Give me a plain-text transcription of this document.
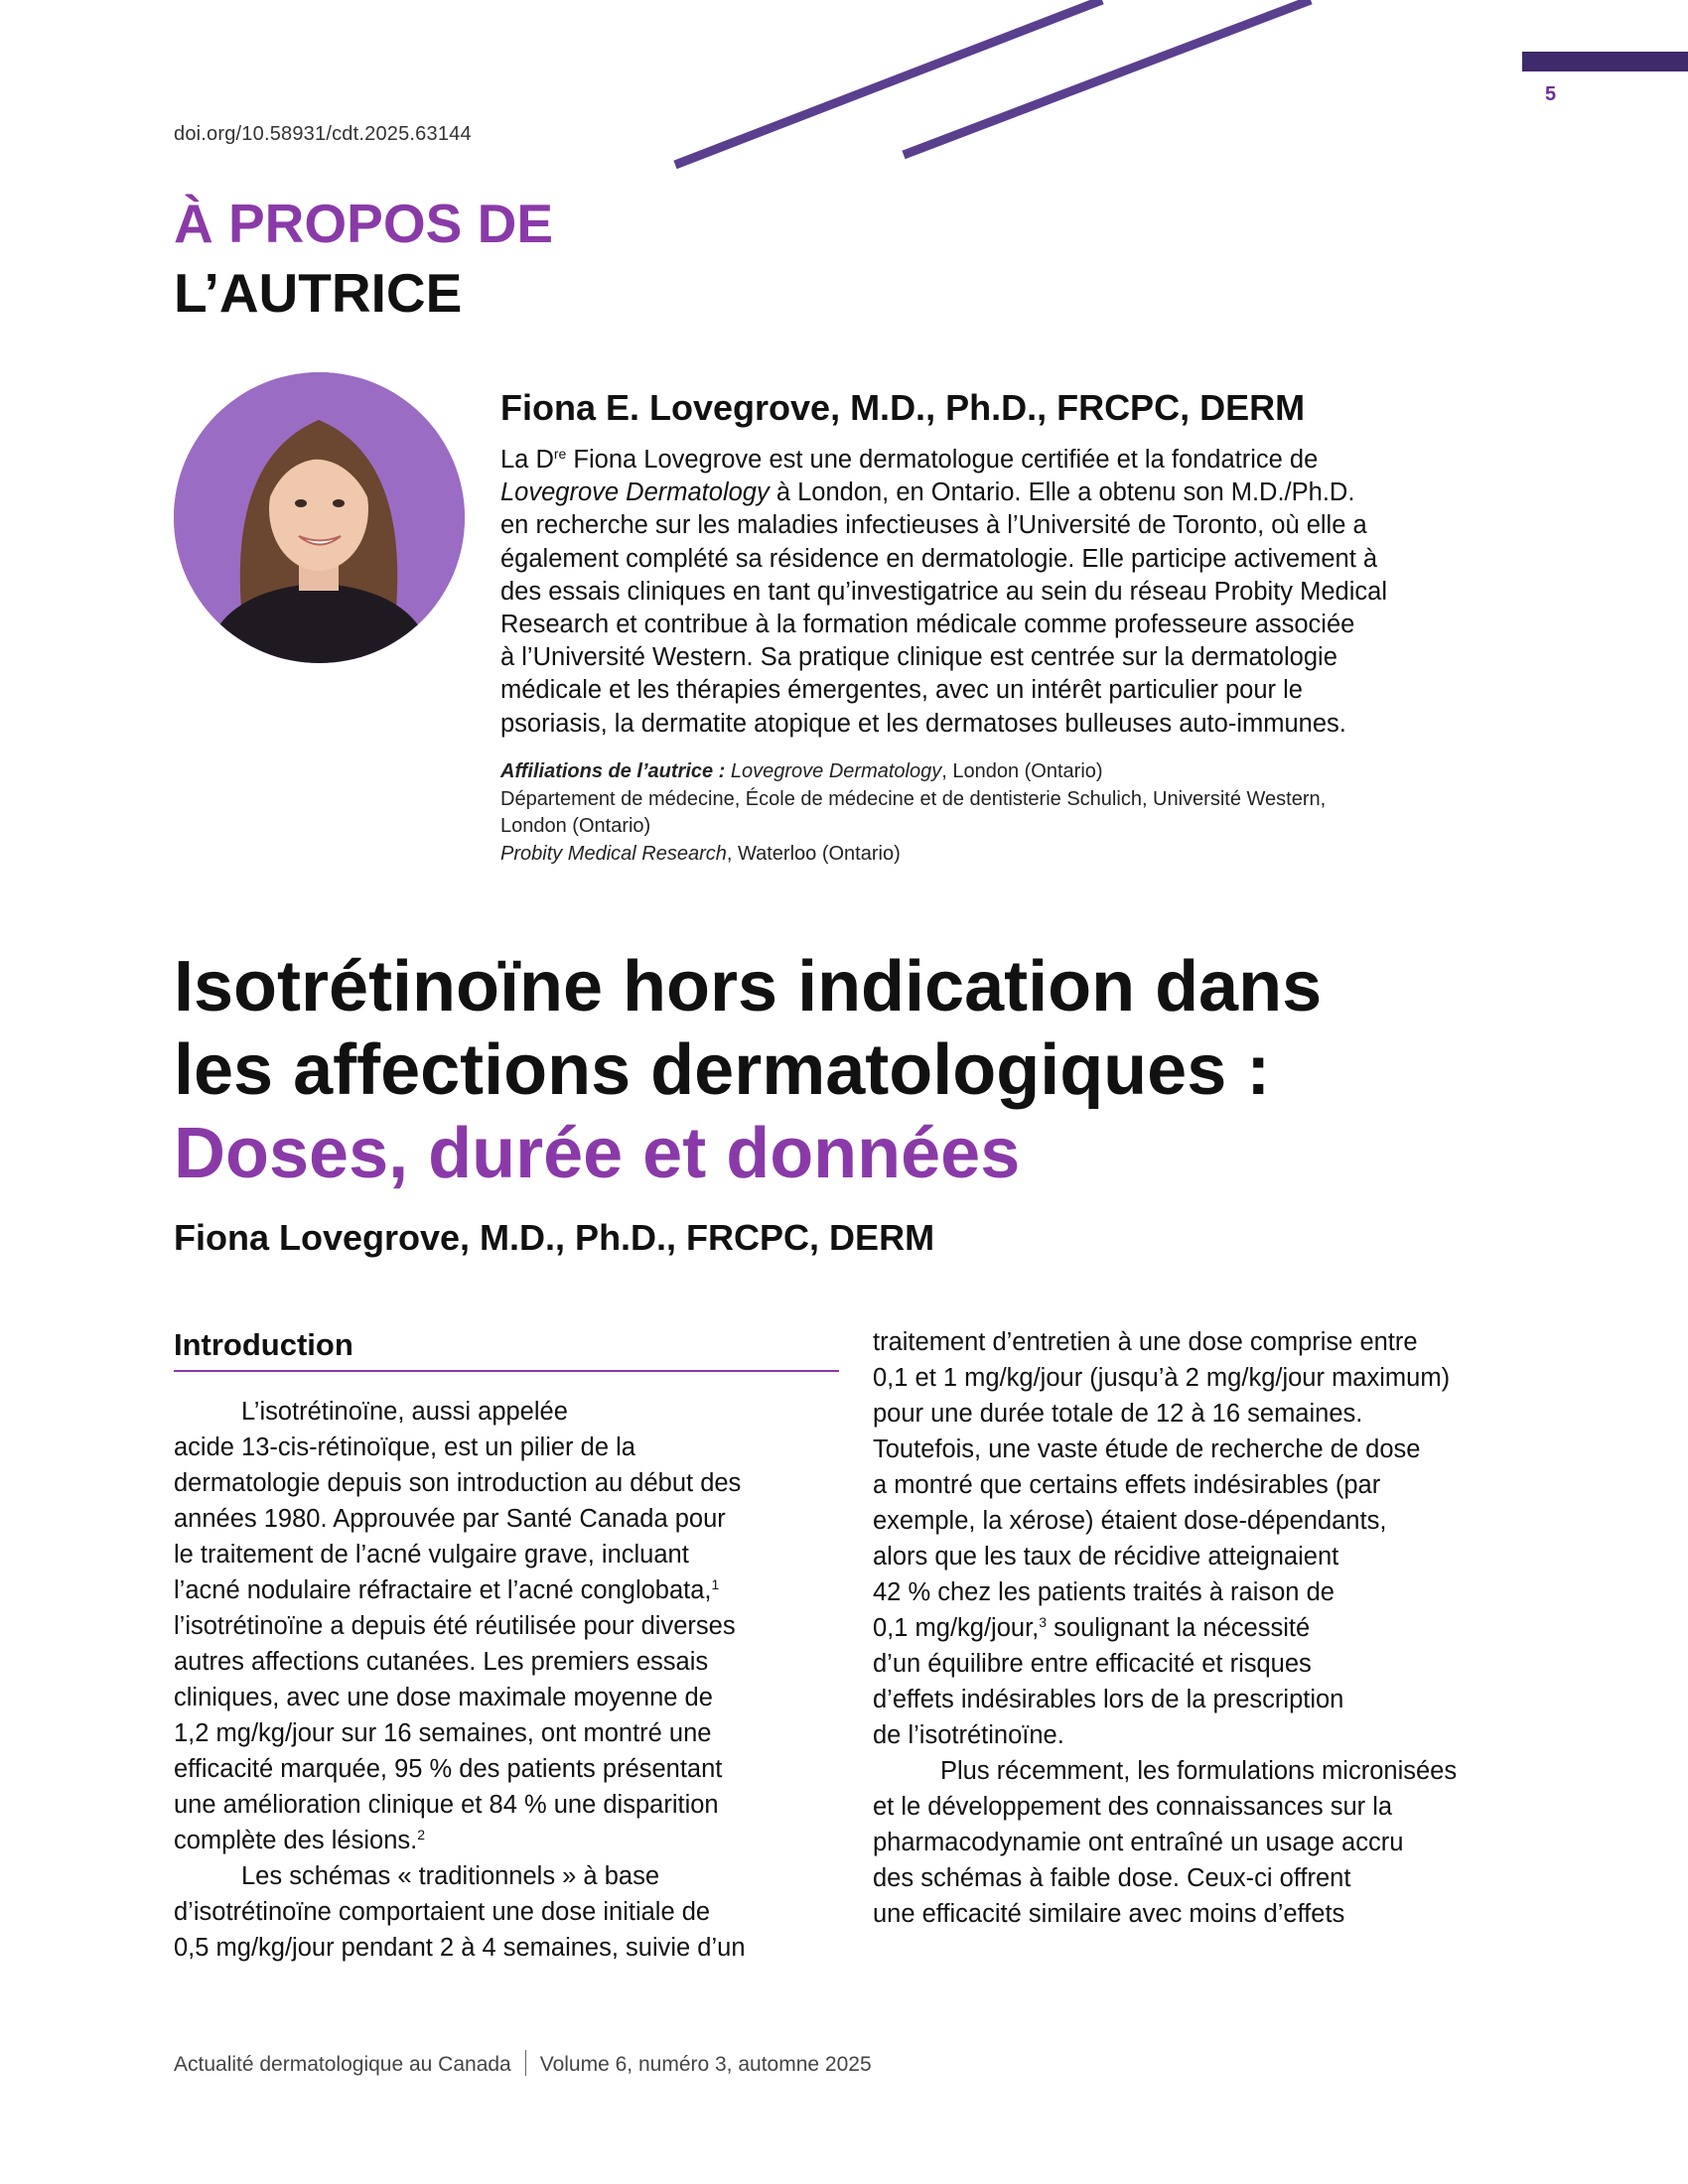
doi.org/10.58931/cdt.2025.63144
5
À PROPOS DE
L’AUTRICE
Fiona E. Lovegrove, M.D., Ph.D., FRCPC, DERM
La Dre Fiona Lovegrove est une dermatologue certifiée et la fondatrice de
Lovegrove Dermatology à London, en Ontario. Elle a obtenu son M.D./Ph.D.
en recherche sur les maladies infectieuses à l’Université de Toronto, où elle a
également complété sa résidence en dermatologie. Elle participe activement à
des essais cliniques en tant qu’investigatrice au sein du réseau Probity Medical
Research et contribue à la formation médicale comme professeure associée
à l’Université Western. Sa pratique clinique est centrée sur la dermatologie
médicale et les thérapies émergentes, avec un intérêt particulier pour le
psoriasis, la dermatite atopique et les dermatoses bulleuses auto-immunes.
Affiliations de l’autrice : Lovegrove Dermatology, London (Ontario)
Département de médecine, École de médecine et de dentisterie Schulich, Université Western,
London (Ontario)
Probity Medical Research, Waterloo (Ontario)
Isotrétinoïne hors indication dans
les affections dermatologiques :
Doses, durée et données
Fiona Lovegrove, M.D., Ph.D., FRCPC, DERM
Introduction
L’isotrétinoïne, aussi appelée
acide 13-cis-rétinoïque, est un pilier de la
dermatologie depuis son introduction au début des
années 1980. Approuvée par Santé Canada pour
le traitement de l’acné vulgaire grave, incluant
l’acné nodulaire réfractaire et l’acné conglobata,$^1$
l’isotrétinoïne a depuis été réutilisée pour diverses
autres affections cutanées. Les premiers essais
cliniques, avec une dose maximale moyenne de
1,2 mg/kg/jour sur 16 semaines, ont montré une
efficacité marquée, 95 % des patients présentant
une amélioration clinique et 84 % une disparition
complète des lésions.$^2$
Les schémas « traditionnels » à base
d’isotrétinoïne comportaient une dose initiale de
0,5 mg/kg/jour pendant 2 à 4 semaines, suivie d’un
traitement d’entretien à une dose comprise entre
0,1 et 1 mg/kg/jour (jusqu’à 2 mg/kg/jour maximum)
pour une durée totale de 12 à 16 semaines.
Toutefois, une vaste étude de recherche de dose
a montré que certains effets indésirables (par
exemple, la xérose) étaient dose-dépendants,
alors que les taux de récidive atteignaient
42 % chez les patients traités à raison de
0,1 mg/kg/jour,$^3$ soulignant la nécessité
d’un équilibre entre efficacité et risques
d’effets indésirables lors de la prescription
de l’isotrétinoïne.
Plus récemment, les formulations micronisées
et le développement des connaissances sur la
pharmacodynamie ont entraîné un usage accru
des schémas à faible dose. Ceux-ci offrent
une efficacité similaire avec moins d’effets
Actualité dermatologique au Canada Volume 6, numéro 3, automne 2025
